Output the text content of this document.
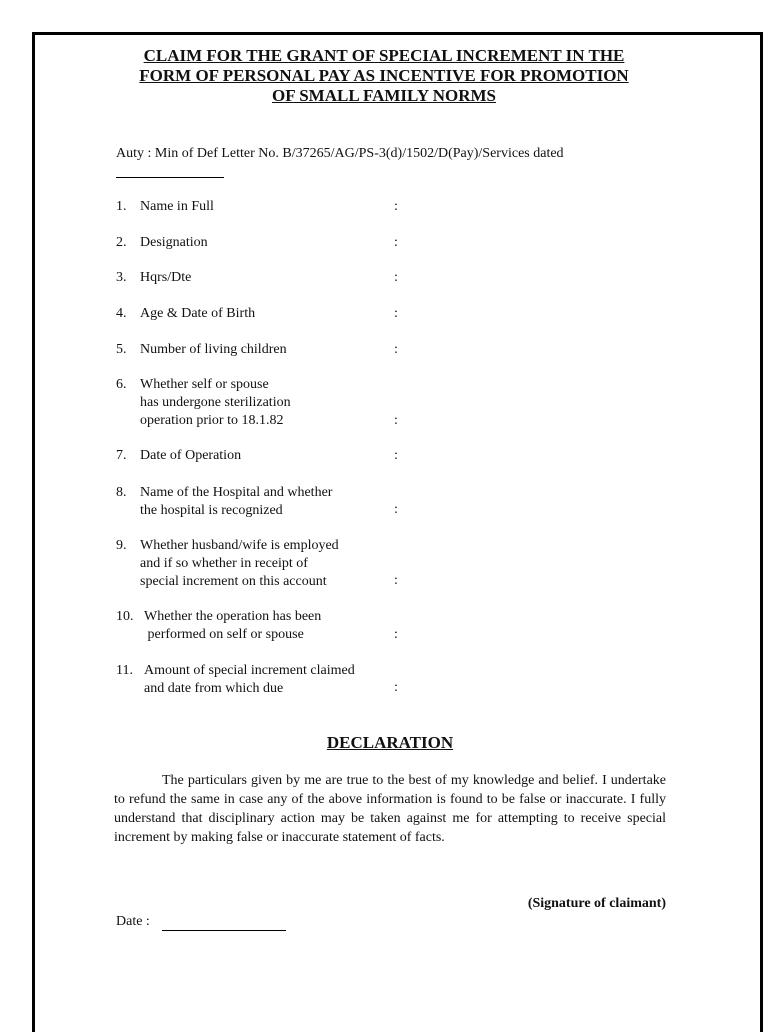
CLAIM FOR THE GRANT OF SPECIAL INCREMENT IN THE
FORM OF PERSONAL PAY AS INCENTIVE FOR PROMOTION
OF SMALL FAMILY NORMS
Auty : Min of Def Letter No. B/37265/AG/PS-3(d)/1502/D(Pay)/Services dated
1. Name in Full	:
2. Designation	:
3. Hqrs/Dte	:
4. Age & Date of Birth	:
5. Number of living children	:
6. Whether self or spouse
has undergone sterilization
operation prior to 18.1.82	:
7. Date of Operation	:
8. Name of the Hospital and whether
the hospital is recognized	:
9. Whether husband/wife is employed
and if so whether in receipt of
special increment on this account	:
10. Whether the operation has been
performed on self or spouse	:
11. Amount of special increment claimed
and date from which due	:
DECLARATION
The particulars given by me are true to the best of my knowledge and belief. I undertake to refund the same in case any of the above information is found to be false or inaccurate. I fully understand that disciplinary action may be taken against me for attempting to receive special increment by making false or inaccurate statement of facts.
(Signature of claimant)
Date :
